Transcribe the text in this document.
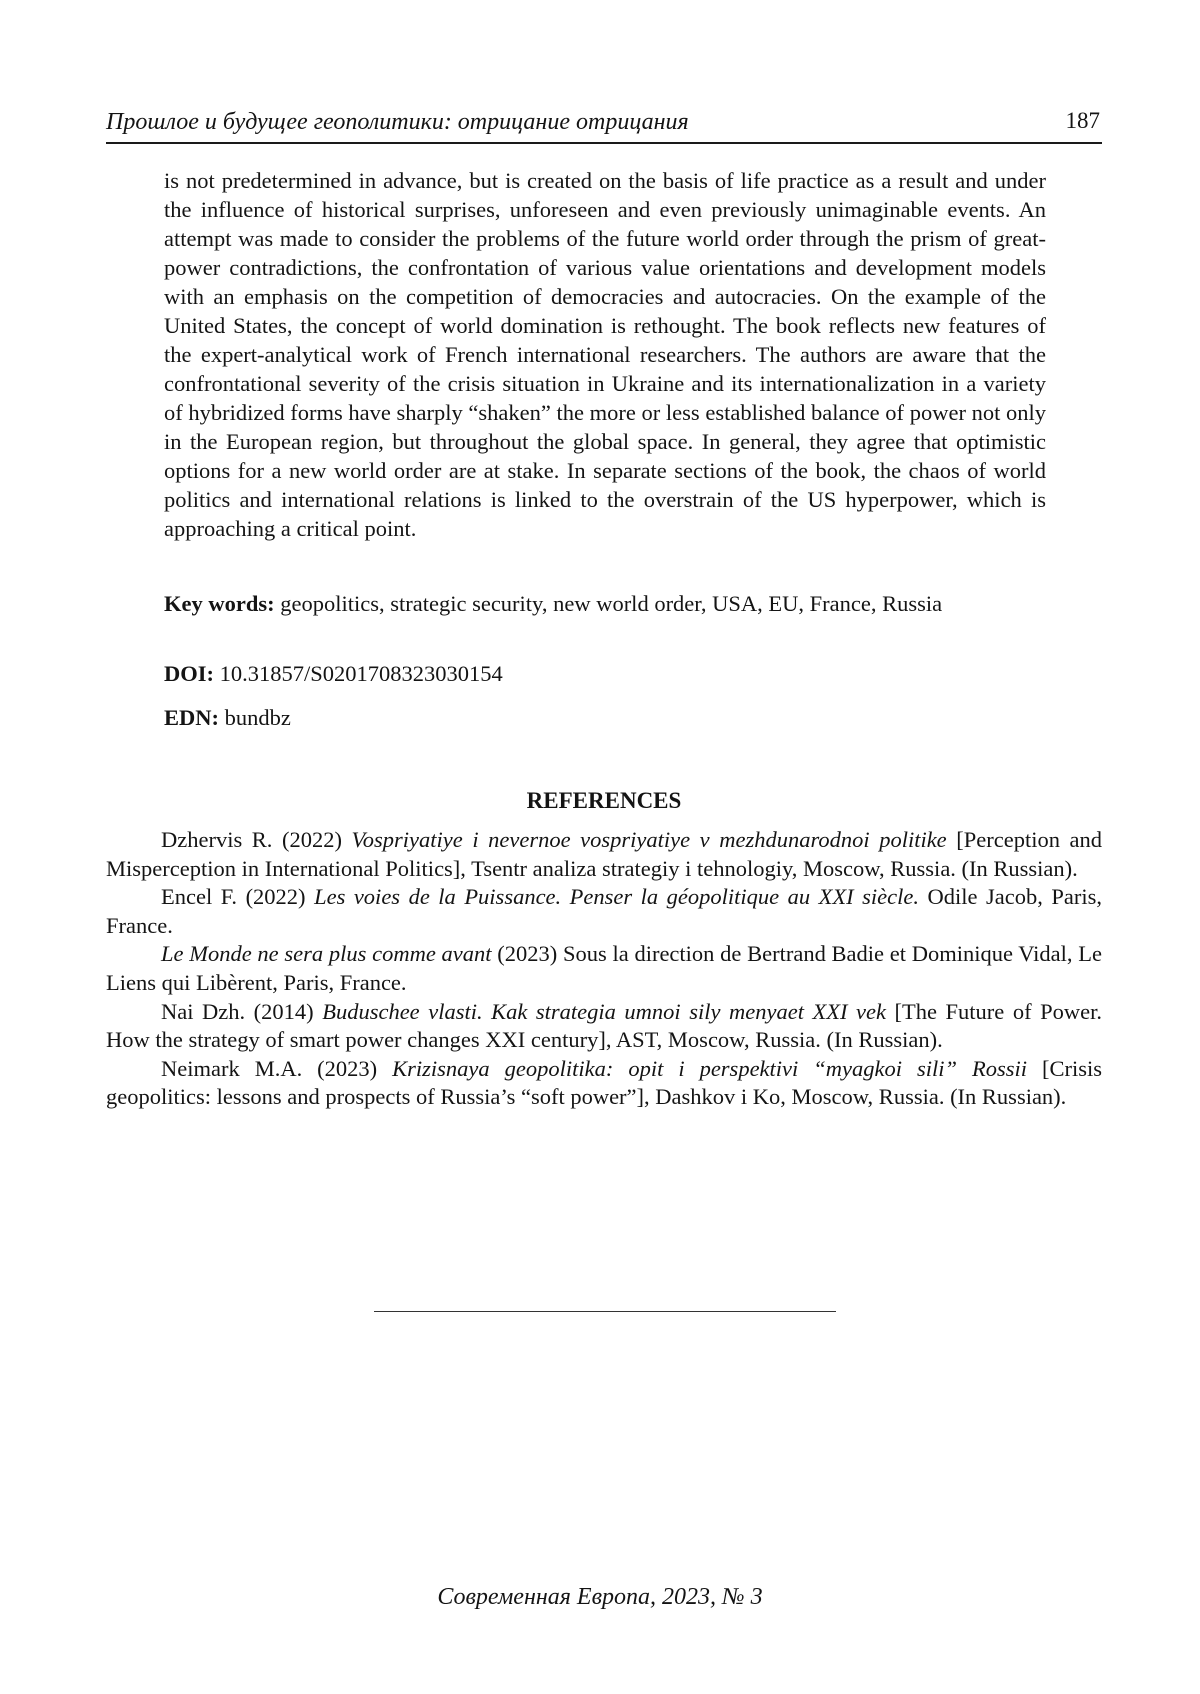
Прошлое и будущее геополитики: отрицание отрицания	187

is not predetermined in advance, but is created on the basis of life practice as a result and under the influence of historical surprises, unforeseen and even previously unimaginable events. An attempt was made to consider the problems of the future world order through the prism of great-power contradictions, the confrontation of various value orientations and development models with an emphasis on the competition of democracies and autocracies. On the example of the United States, the concept of world domination is rethought. The book reflects new features of the expert-analytical work of French international researchers. The authors are aware that the confrontational severity of the crisis situation in Ukraine and its internationalization in a variety of hybridized forms have sharply “shaken” the more or less established balance of power not only in the European region, but throughout the global space. In general, they agree that optimistic options for a new world order are at stake. In separate sections of the book, the chaos of world politics and international relations is linked to the overstrain of the US hyperpower, which is approaching a critical point.

Key words: geopolitics, strategic security, new world order, USA, EU, France, Russia
DOI: 10.31857/S0201708323030154
EDN: bundbz
REFERENCES

Dzhervis R. (2022) Vospriyatiye i nevernoe vospriyatiye v mezhdunarodnoi politike [Perception and Misperception in International Politics], Tsentr analiza strategiy i tehnologiy, Moscow, Russia. (In Russian).

Encel F. (2022) Les voies de la Puissance. Penser la géopolitique au XXI siècle. Odile Jacob, Paris, France.

Le Monde ne sera plus comme avant (2023) Sous la direction de Bertrand Badie et Dominique Vidal, Le Liens qui Libèrent, Paris, France.

Nai Dzh. (2014) Buduschee vlasti. Kak strategia umnoi sily menyaet XXI vek [The Future of Power. How the strategy of smart power changes XXI century], AST, Moscow, Russia. (In Russian).

Neimark M.A. (2023) Krizisnaya geopolitika: opit i perspektivi “myagkoi sili” Rossii [Crisis geopolitics: lessons and prospects of Russia’s “soft power”], Dashkov i Ko, Moscow, Russia. (In Russian).

Современная Европа, 2023, № 3
